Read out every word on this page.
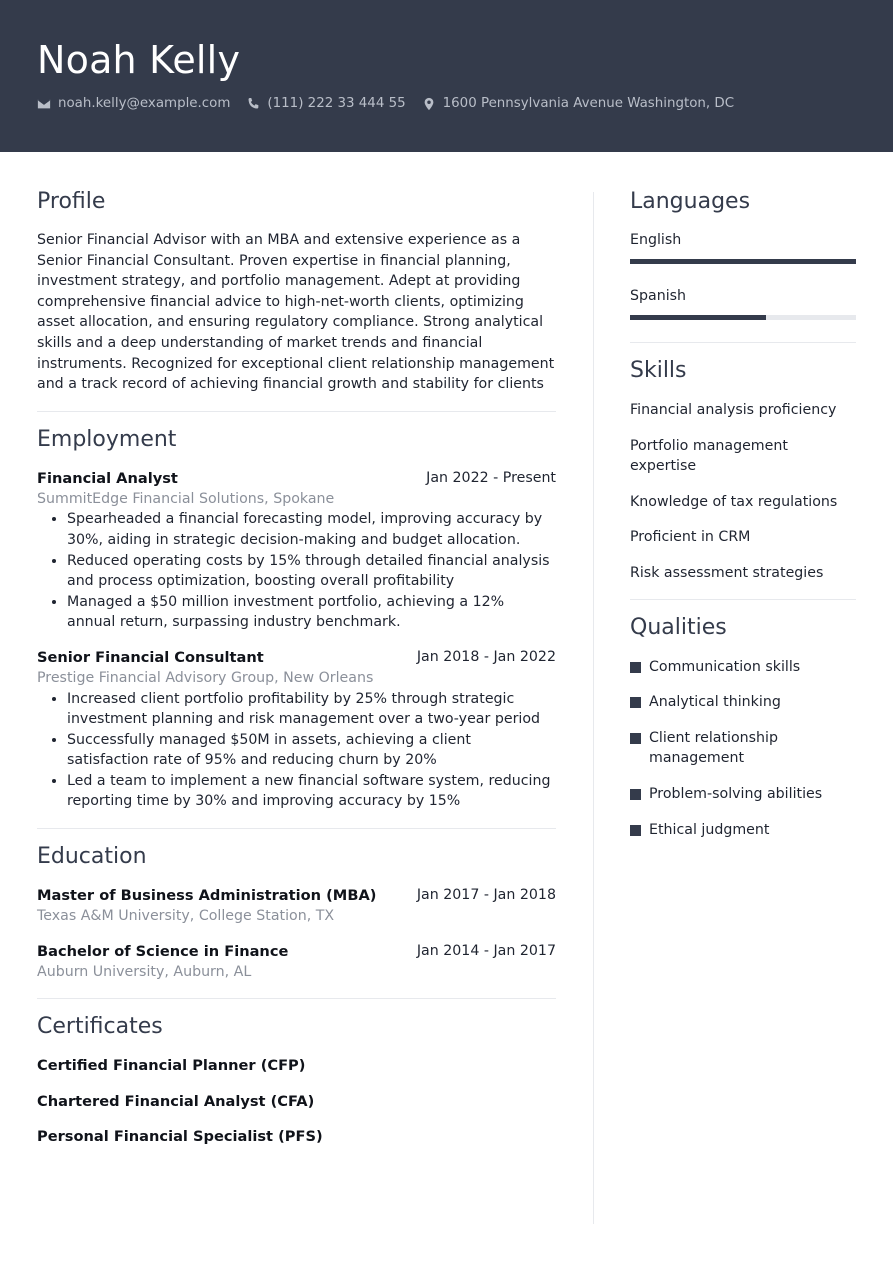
Noah Kelly
noah.kelly@example.com	(111) 222 33 444 55	1600 Pennsylvania Avenue Washington, DC
Profile
Senior Financial Advisor with an MBA and extensive experience as a Senior Financial Consultant. Proven expertise in financial planning, investment strategy, and portfolio management. Adept at providing comprehensive financial advice to high-net-worth clients, optimizing asset allocation, and ensuring regulatory compliance. Strong analytical skills and a deep understanding of market trends and financial instruments. Recognized for exceptional client relationship management and a track record of achieving financial growth and stability for clients
Employment
Financial Analyst	Jan 2022 - Present
SummitEdge Financial Solutions, Spokane
• Spearheaded a financial forecasting model, improving accuracy by 30%, aiding in strategic decision-making and budget allocation.
• Reduced operating costs by 15% through detailed financial analysis and process optimization, boosting overall profitability
• Managed a $50 million investment portfolio, achieving a 12% annual return, surpassing industry benchmark.
Senior Financial Consultant	Jan 2018 - Jan 2022
Prestige Financial Advisory Group, New Orleans
• Increased client portfolio profitability by 25% through strategic investment planning and risk management over a two-year period
• Successfully managed $50M in assets, achieving a client satisfaction rate of 95% and reducing churn by 20%
• Led a team to implement a new financial software system, reducing reporting time by 30% and improving accuracy by 15%
Education
Master of Business Administration (MBA)	Jan 2017 - Jan 2018
Texas A&M University, College Station, TX
Bachelor of Science in Finance	Jan 2014 - Jan 2017
Auburn University, Auburn, AL
Certificates
Certified Financial Planner (CFP)
Chartered Financial Analyst (CFA)
Personal Financial Specialist (PFS)
Languages
English
Spanish
Skills
Financial analysis proficiency
Portfolio management expertise
Knowledge of tax regulations
Proficient in CRM
Risk assessment strategies
Qualities
Communication skills
Analytical thinking
Client relationship management
Problem-solving abilities
Ethical judgment
